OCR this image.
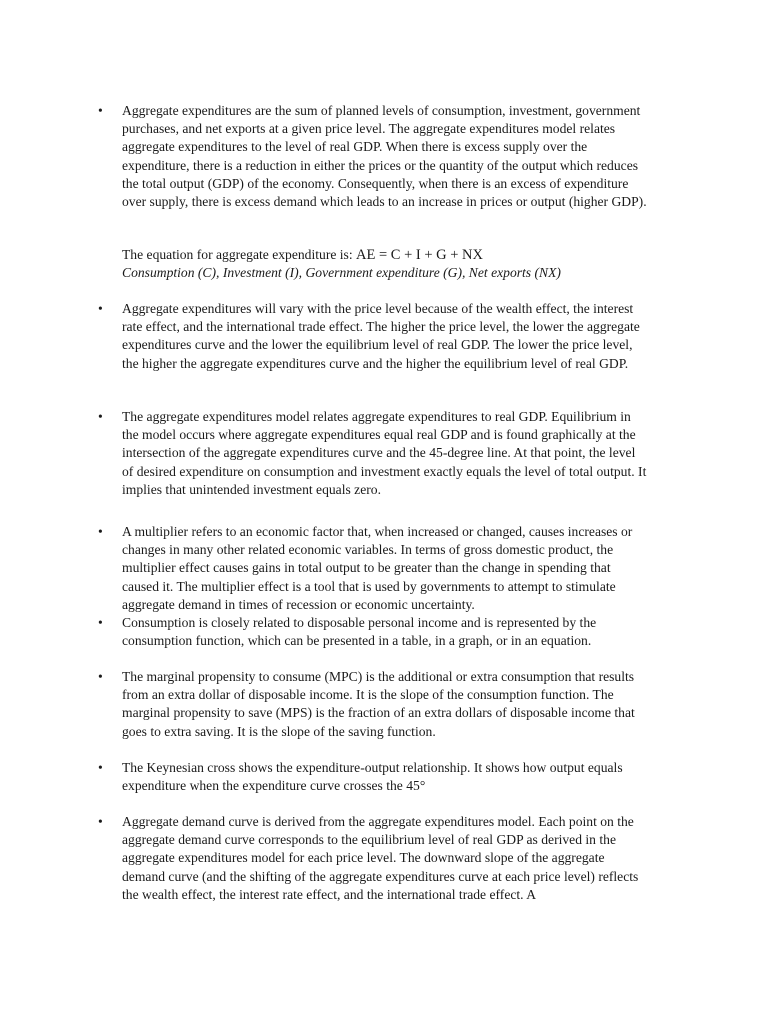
• Aggregate expenditures are the sum of planned levels of consumption, investment, government purchases, and net exports at a given price level. The aggregate expenditures model relates aggregate expenditures to the level of real GDP. When there is excess supply over the expenditure, there is a reduction in either the prices or the quantity of the output which reduces the total output (GDP) of the economy. Consequently, when there is an excess of expenditure over supply, there is excess demand which leads to an increase in prices or output (higher GDP).

The equation for aggregate expenditure is: AE = C + I + G + NX
Consumption (C), Investment (I), Government expenditure (G), Net exports (NX)

• Aggregate expenditures will vary with the price level because of the wealth effect, the interest rate effect, and the international trade effect. The higher the price level, the lower the aggregate expenditures curve and the lower the equilibrium level of real GDP. The lower the price level, the higher the aggregate expenditures curve and the higher the equilibrium level of real GDP.

• The aggregate expenditures model relates aggregate expenditures to real GDP. Equilibrium in the model occurs where aggregate expenditures equal real GDP and is found graphically at the intersection of the aggregate expenditures curve and the 45-degree line. At that point, the level of desired expenditure on consumption and investment exactly equals the level of total output. It implies that unintended investment equals zero.

• A multiplier refers to an economic factor that, when increased or changed, causes increases or changes in many other related economic variables. In terms of gross domestic product, the multiplier effect causes gains in total output to be greater than the change in spending that caused it. The multiplier effect is a tool that is used by governments to attempt to stimulate aggregate demand in times of recession or economic uncertainty.

• Consumption is closely related to disposable personal income and is represented by the consumption function, which can be presented in a table, in a graph, or in an equation.

• The marginal propensity to consume (MPC) is the additional or extra consumption that results from an extra dollar of disposable income. It is the slope of the consumption function. The marginal propensity to save (MPS) is the fraction of an extra dollars of disposable income that goes to extra saving. It is the slope of the saving function.

• The Keynesian cross shows the expenditure-output relationship. It shows how output equals expenditure when the expenditure curve crosses the 45°

• Aggregate demand curve is derived from the aggregate expenditures model. Each point on the aggregate demand curve corresponds to the equilibrium level of real GDP as derived in the aggregate expenditures model for each price level. The downward slope of the aggregate demand curve (and the shifting of the aggregate expenditures curve at each price level) reflects the wealth effect, the interest rate effect, and the international trade effect. A
